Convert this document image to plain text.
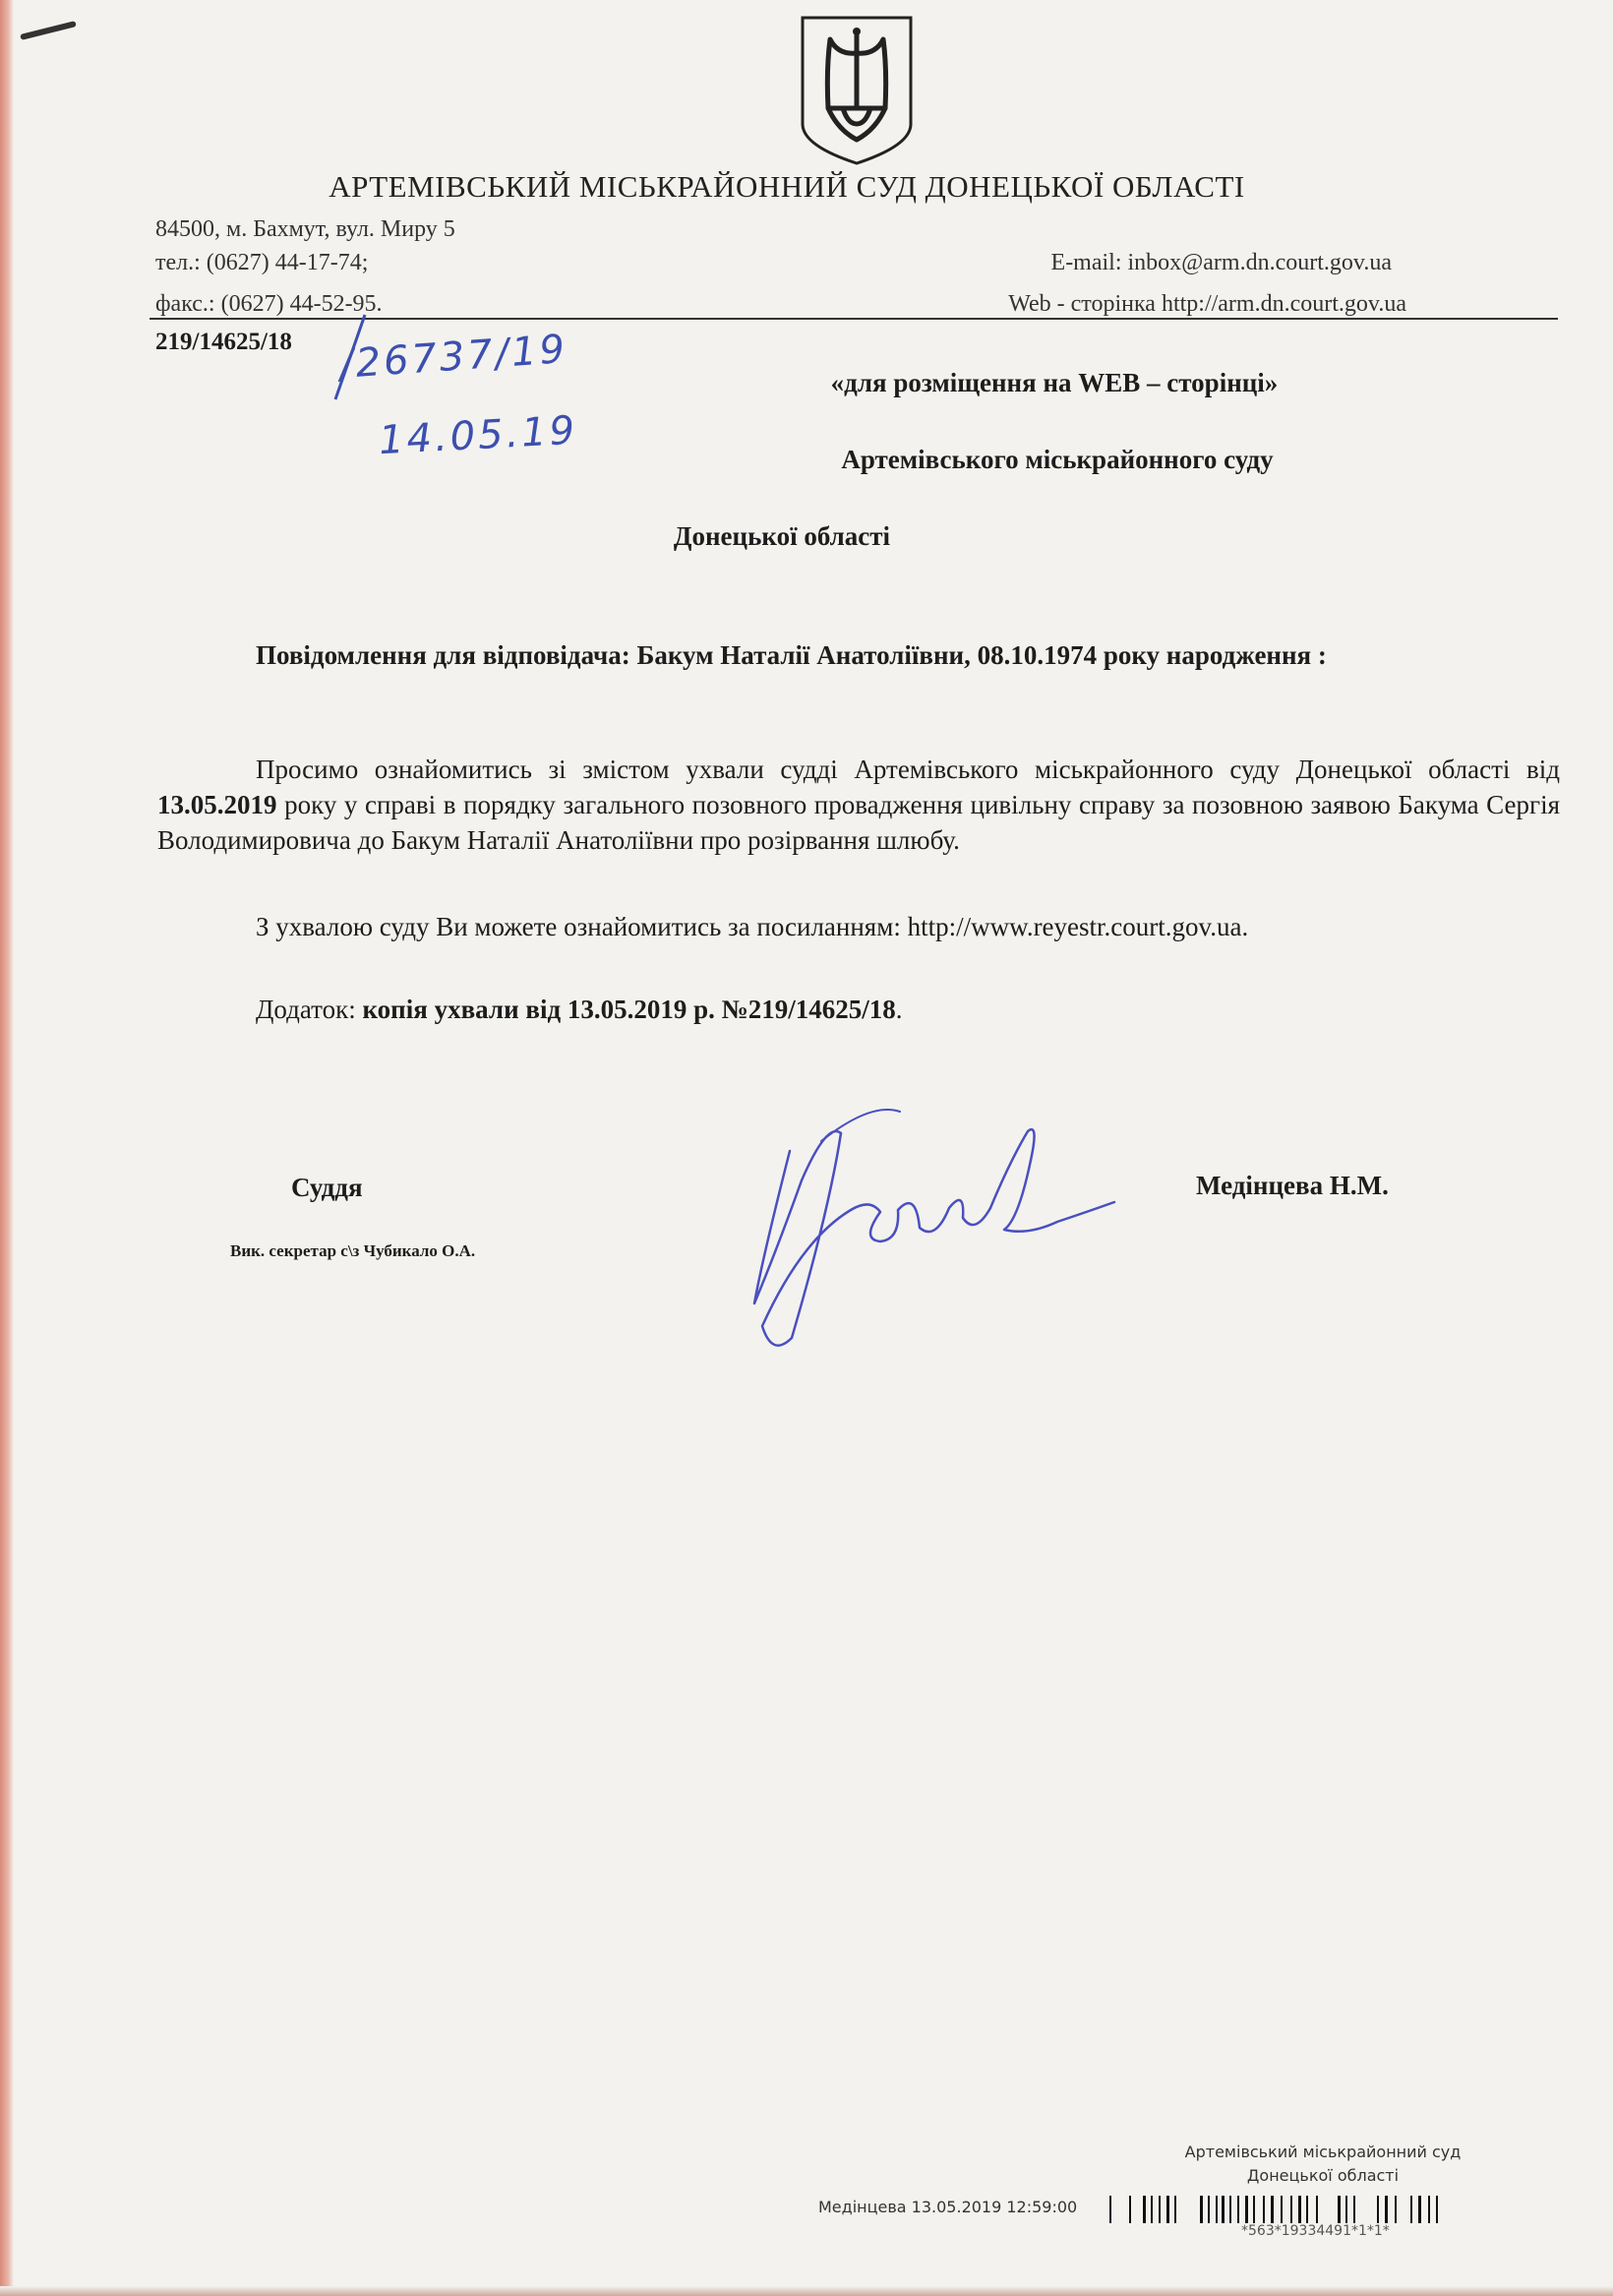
АРТЕМІВСЬКИЙ МІСЬКРАЙОННИЙ СУД ДОНЕЦЬКОЇ ОБЛАСТІ
84500, м. Бахмут, вул. Миру 5
тел.: (0627) 44-17-74;
факс.: (0627) 44-52-95.
E-mail: inbox@arm.dn.court.gov.ua
Web - сторінка http://arm.dn.court.gov.ua
219/14625/18 /26737/19
14.05.19
«для розміщення на WEB – сторінці»
Артемівського міськрайонного суду
Донецької області
Повідомлення для відповідача: Бакум Наталії Анатоліївни, 08.10.1974 року народження :
Просимо ознайомитись зі змістом ухвали судді Артемівського міськрайонного суду Донецької області від 13.05.2019 року у справі в порядку загального позовного провадження цивільну справу за позовною заявою Бакума Сергія Володимировича до Бакум Наталії Анатоліївни про розірвання шлюбу.
З ухвалою суду Ви можете ознайомитись за посиланням: http://www.reyestr.court.gov.ua.
Додаток: копія ухвали від 13.05.2019 р. №219/14625/18.
Суддя	Медінцева Н.М.
Вик. секретар с\з Чубикало О.А.
Артемівський міськрайонний суд
Донецької області
Медінцева 13.05.2019 12:59:00
*563*19334491*1*1*
